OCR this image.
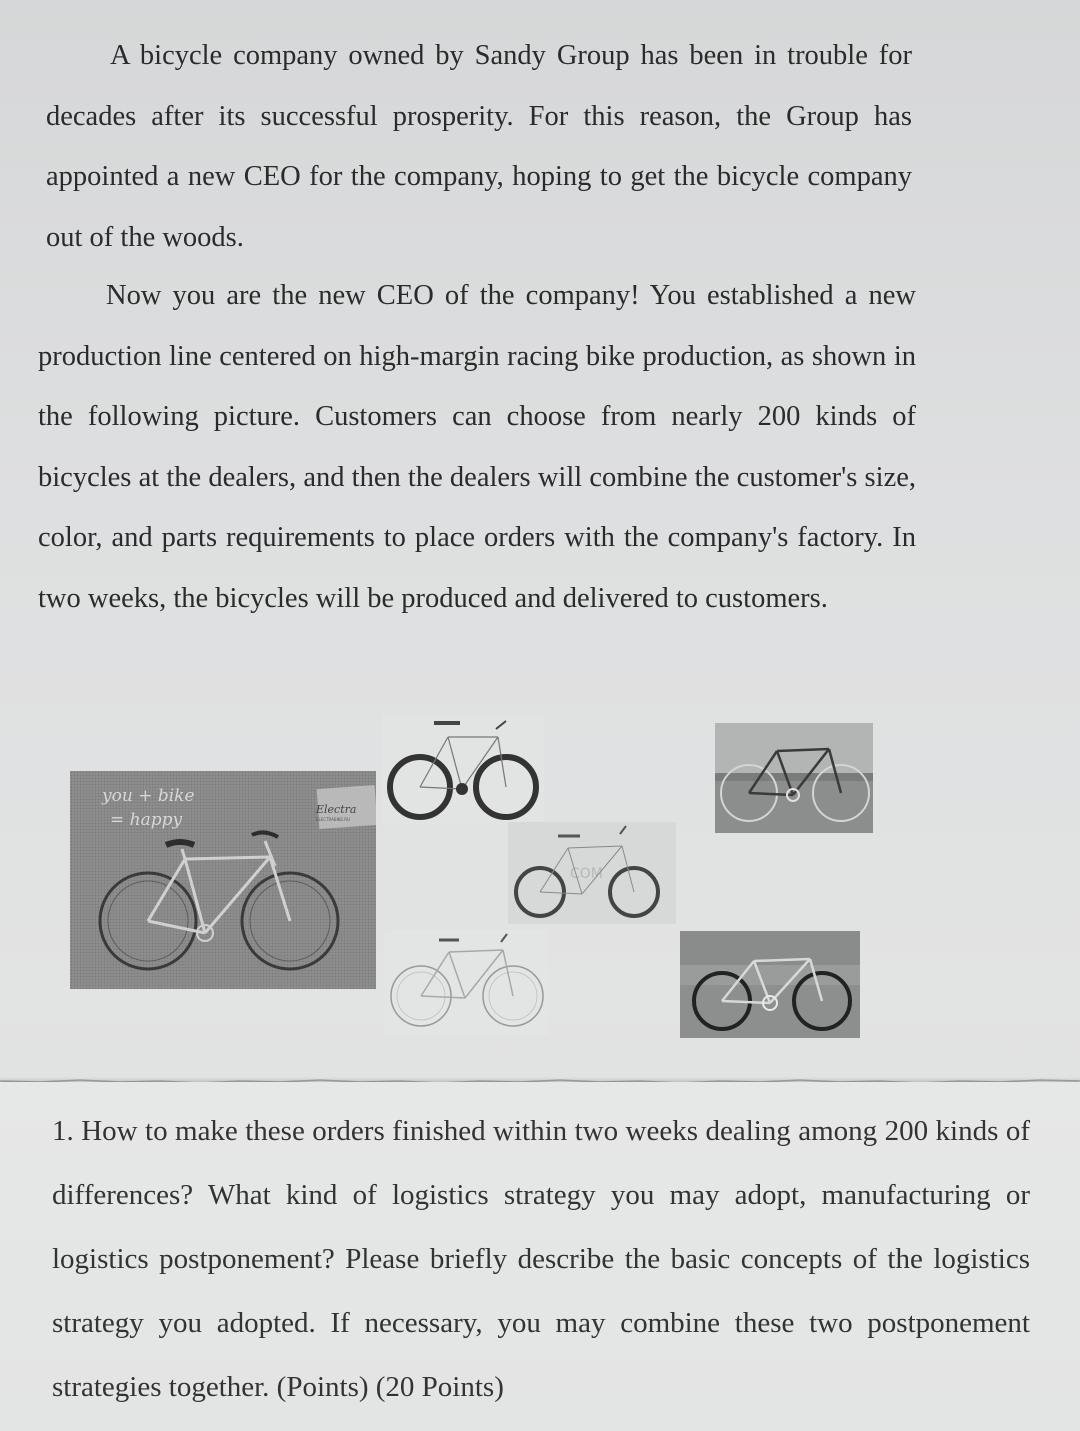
A bicycle company owned by Sandy Group has been in trouble for decades after its successful prosperity. For this reason, the Group has appointed a new CEO for the company, hoping to get the bicycle company out of the woods.

Now you are the new CEO of the company! You established a new production line centered on high-margin racing bike production, as shown in the following picture. Customers can choose from nearly 200 kinds of bicycles at the dealers, and then the dealers will combine the customer's size, color, and parts requirements to place orders with the company's factory. In two weeks, the bicycles will be produced and delivered to customers.

you + bike
= happy
Electra
ELECTRABIKE.RU
COM

1. How to make these orders finished within two weeks dealing among 200 kinds of differences? What kind of logistics strategy you may adopt, manufacturing or logistics postponement? Please briefly describe the basic concepts of the logistics strategy you adopted. If necessary, you may combine these two postponement strategies together. (Points) (20 Points)
